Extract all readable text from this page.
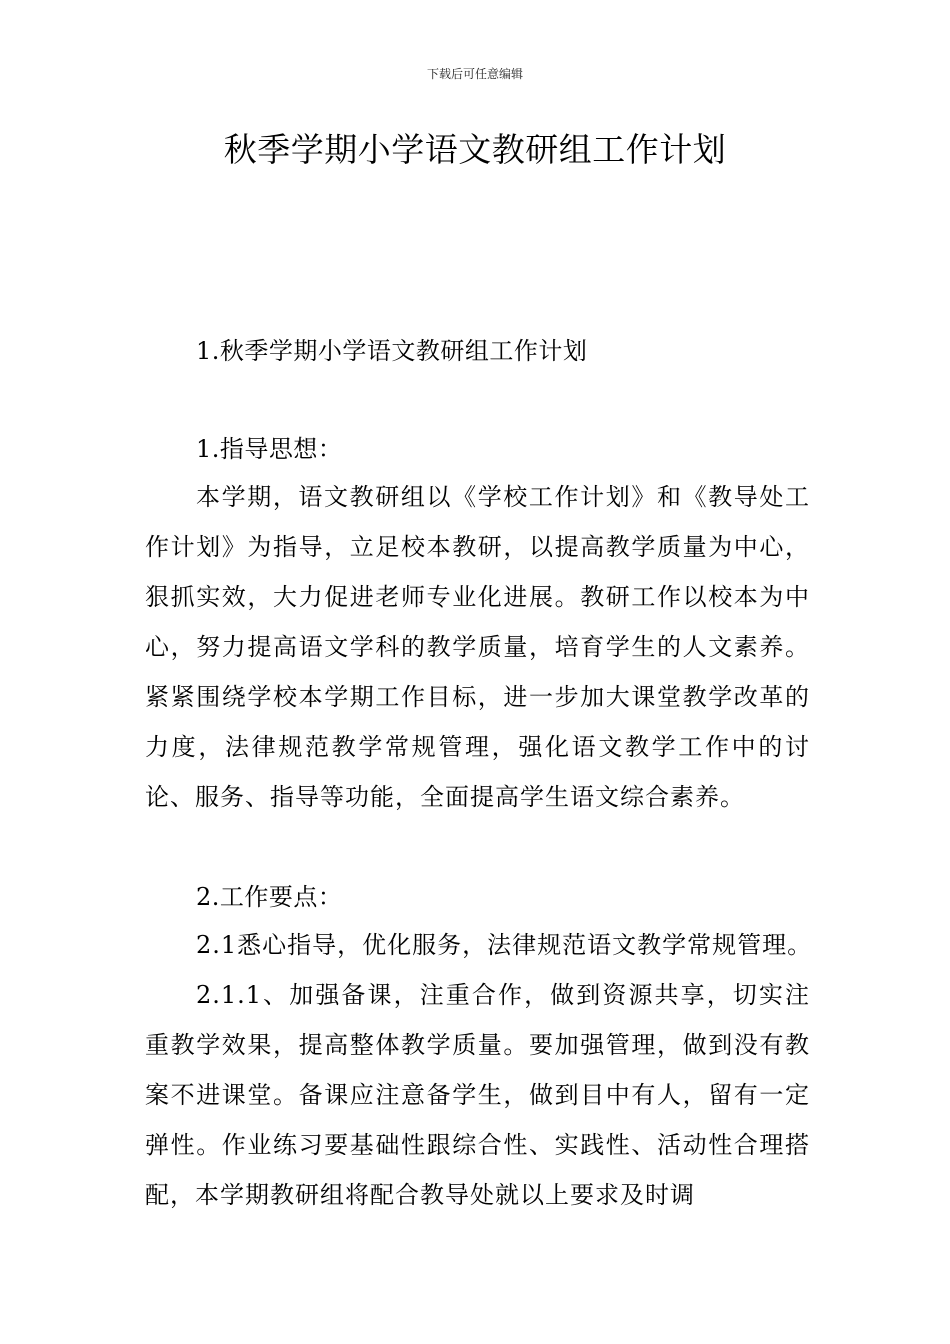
下载后可任意编辑
秋季学期小学语文教研组工作计划

1.秋季学期小学语文教研组工作计划

1.指导思想：

本学期，语文教研组以《学校工作计划》和《教导处工作计划》为指导，立足校本教研，以提高教学质量为中心，狠抓实效，大力促进老师专业化进展。教研工作以校本为中心，努力提高语文学科的教学质量，培育学生的人文素养。紧紧围绕学校本学期工作目标，进一步加大课堂教学改革的力度，法律规范教学常规管理，强化语文教学工作中的讨论、服务、指导等功能，全面提高学生语文综合素养。

2.工作要点：

2.1悉心指导，优化服务，法律规范语文教学常规管理。

2.1.1、加强备课，注重合作，做到资源共享，切实注重教学效果，提高整体教学质量。要加强管理，做到没有教案不进课堂。备课应注意备学生，做到目中有人，留有一定弹性。作业练习要基础性跟综合性、实践性、活动性合理搭配，本学期教研组将配合教导处就以上要求及时调
